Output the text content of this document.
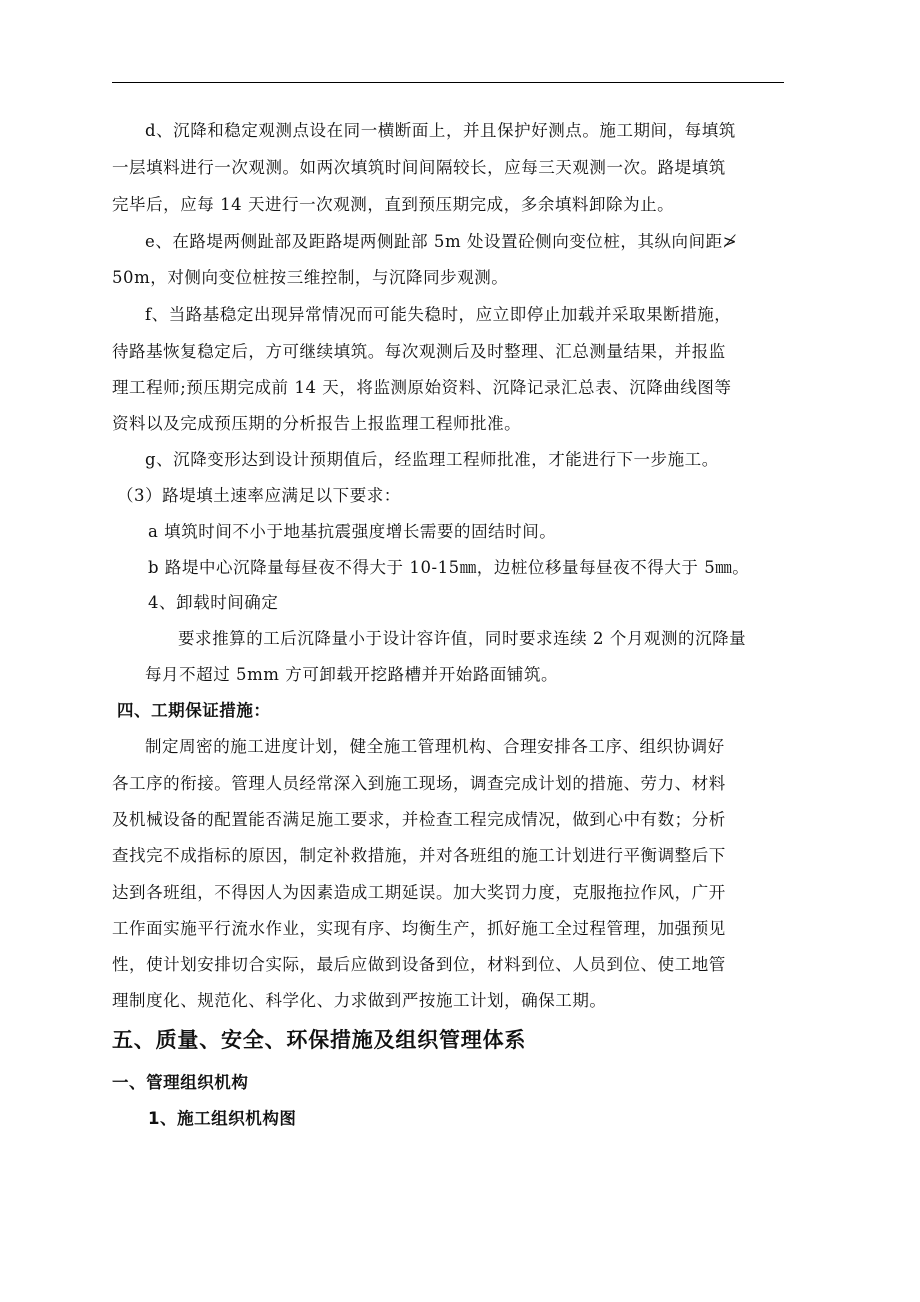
d、沉降和稳定观测点设在同一横断面上，并且保护好测点。施工期间，每填筑
一层填料进行一次观测。如两次填筑时间间隔较长，应每三天观测一次。路堤填筑
完毕后，应每 14 天进行一次观测，直到预压期完成，多余填料卸除为止。
e、在路堤两侧趾部及距路堤两侧趾部 5m 处设置砼侧向变位桩，其纵向间距≯
50m，对侧向变位桩按三维控制，与沉降同步观测。
f、当路基稳定出现异常情况而可能失稳时，应立即停止加载并采取果断措施，
待路基恢复稳定后，方可继续填筑。每次观测后及时整理、汇总测量结果，并报监
理工程师;预压期完成前 14 天，将监测原始资料、沉降记录汇总表、沉降曲线图等
资料以及完成预压期的分析报告上报监理工程师批准。
g、沉降变形达到设计预期值后，经监理工程师批准，才能进行下一步施工。
（3）路堤填土速率应满足以下要求：
a 填筑时间不小于地基抗震强度增长需要的固结时间。
b 路堤中心沉降量每昼夜不得大于 10-15㎜，边桩位移量每昼夜不得大于 5㎜。
4、卸载时间确定
要求推算的工后沉降量小于设计容许值，同时要求连续 2 个月观测的沉降量
每月不超过 5mm 方可卸载开挖路槽并开始路面铺筑。
四、工期保证措施：
制定周密的施工进度计划，健全施工管理机构、合理安排各工序、组织协调好
各工序的衔接。管理人员经常深入到施工现场，调查完成计划的措施、劳力、材料
及机械设备的配置能否满足施工要求，并检查工程完成情况，做到心中有数；分析
查找完不成指标的原因，制定补救措施，并对各班组的施工计划进行平衡调整后下
达到各班组，不得因人为因素造成工期延误。加大奖罚力度，克服拖拉作风，广开
工作面实施平行流水作业，实现有序、均衡生产，抓好施工全过程管理，加强预见
性，使计划安排切合实际，最后应做到设备到位，材料到位、人员到位、使工地管
理制度化、规范化、科学化、力求做到严按施工计划，确保工期。
五、质量、安全、环保措施及组织管理体系
一、管理组织机构
1、施工组织机构图
